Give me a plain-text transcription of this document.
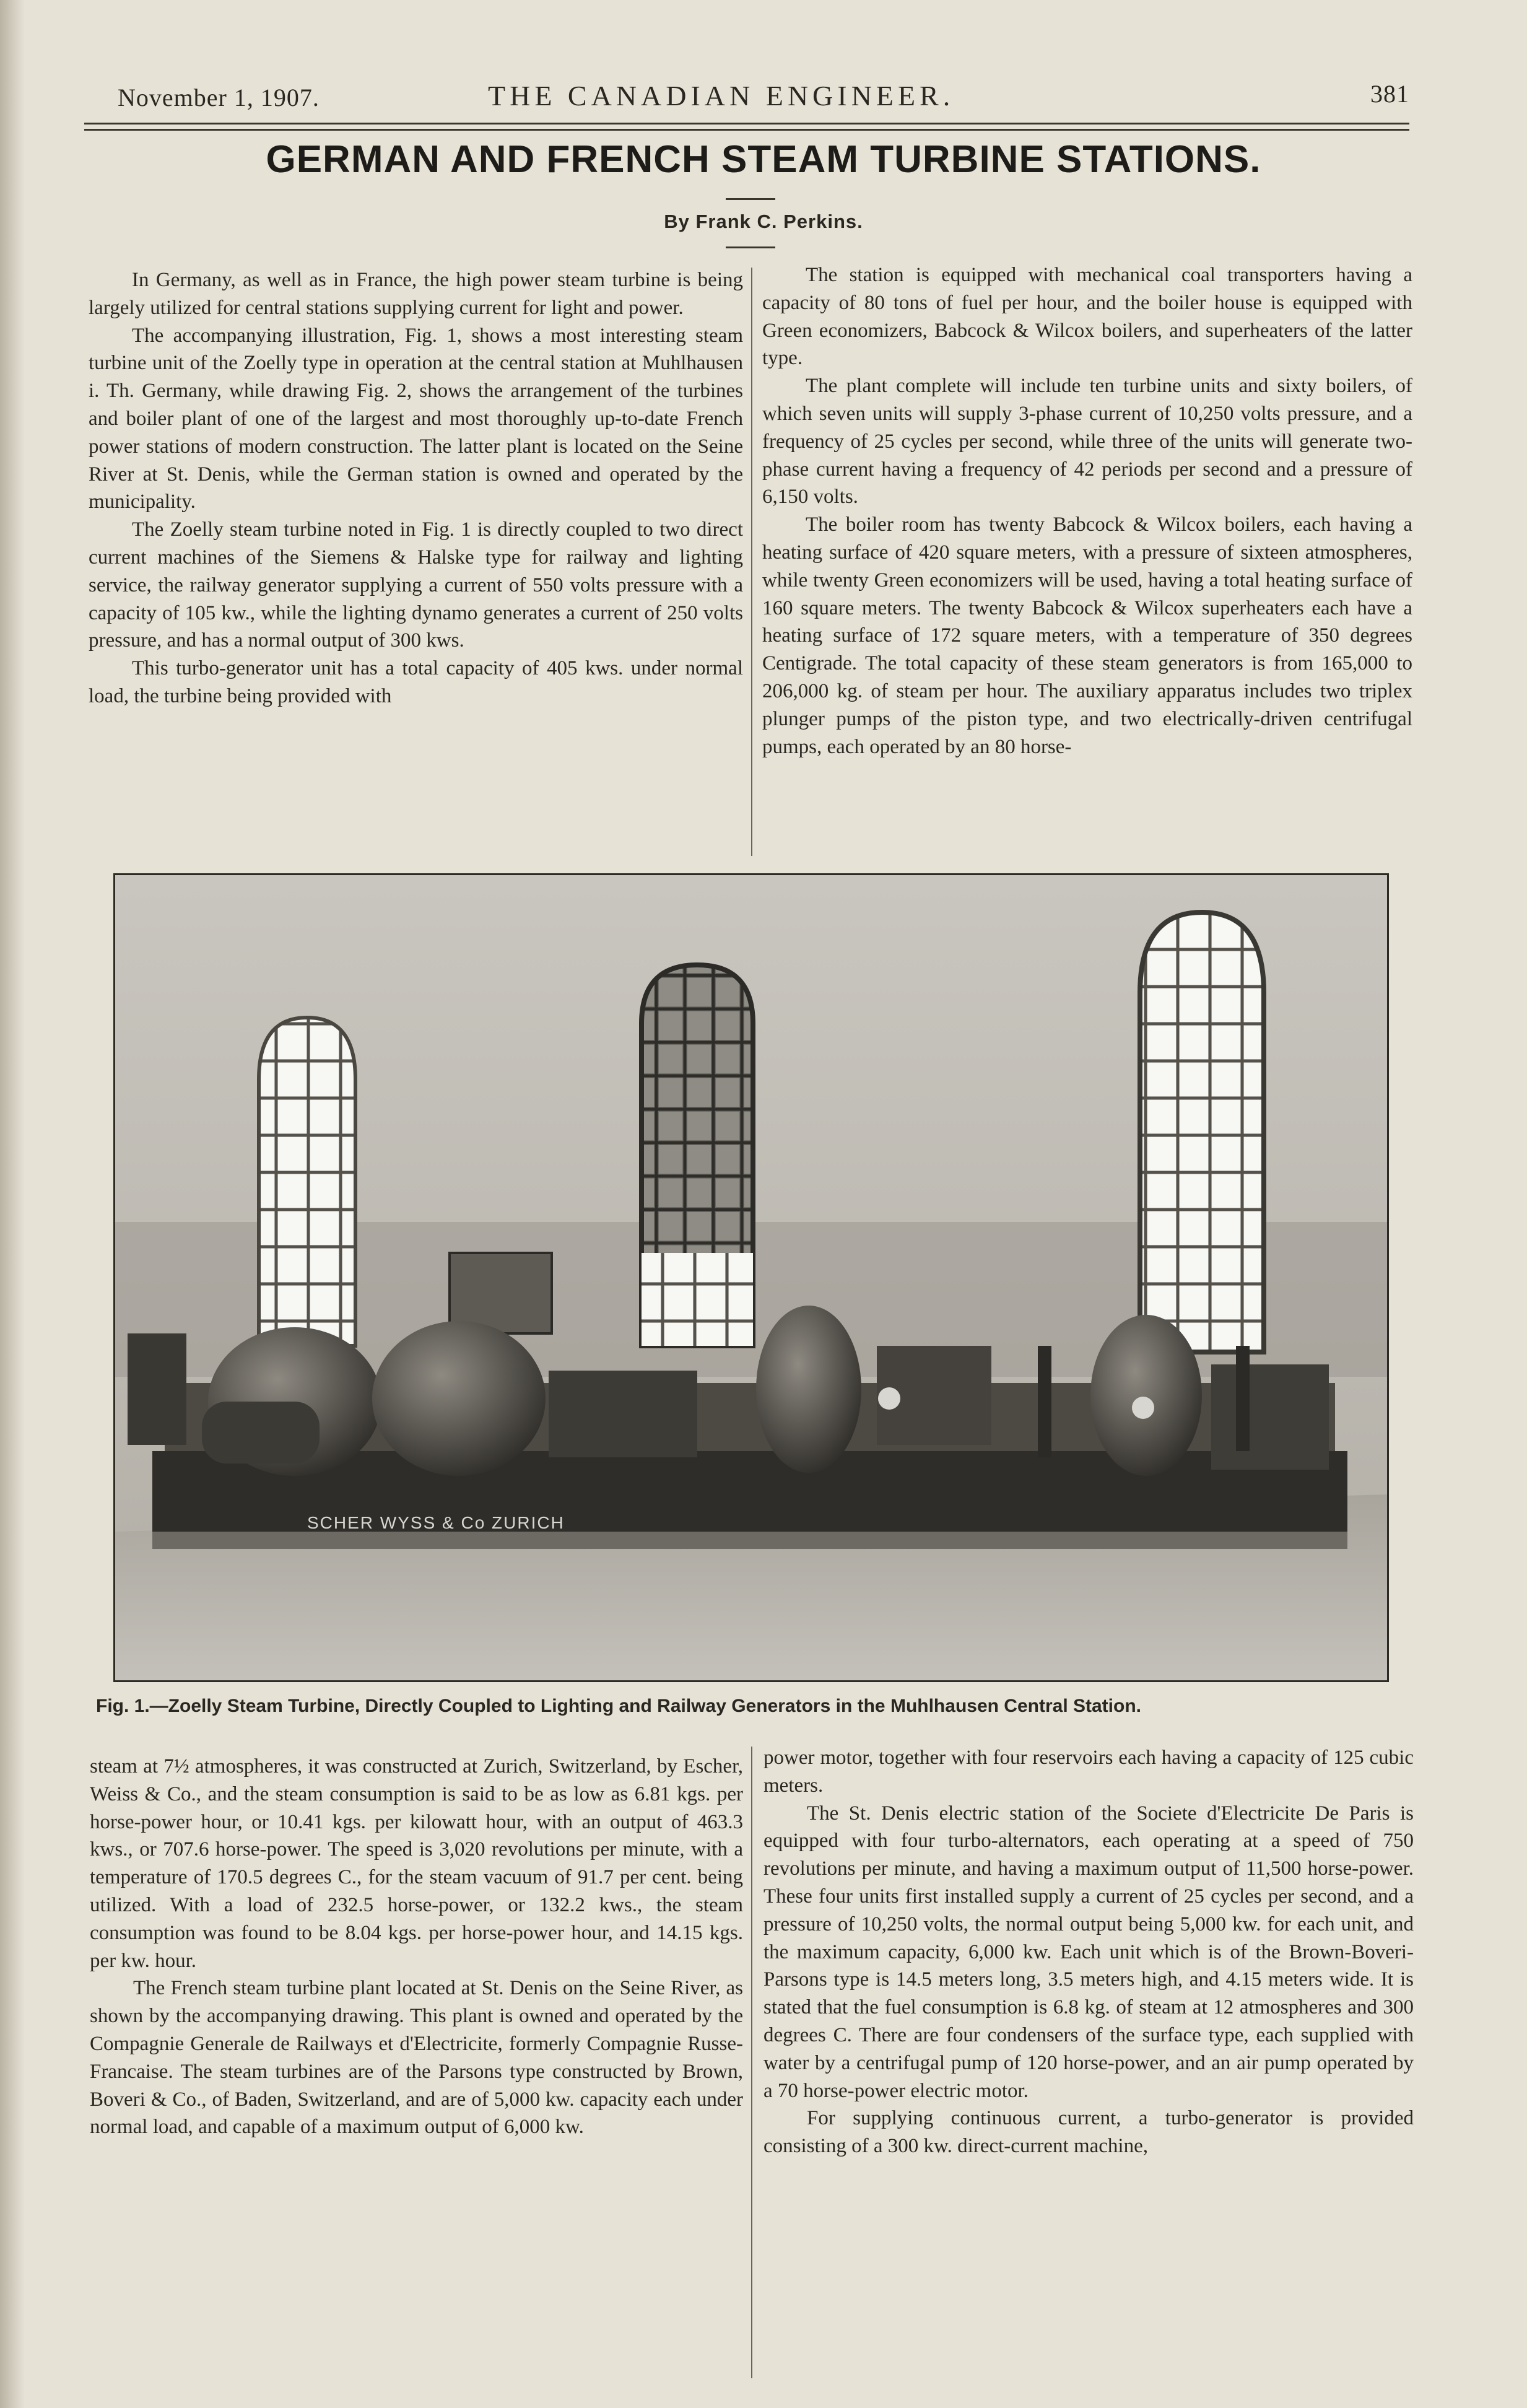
November 1, 1907.	THE CANADIAN ENGINEER.	381
GERMAN AND FRENCH STEAM TURBINE STATIONS.
By Frank C. Perkins.

In Germany, as well as in France, the high power steam turbine is being largely utilized for central stations supplying current for light and power.

The accompanying illustration, Fig. 1, shows a most interesting steam turbine unit of the Zoelly type in operation at the central station at Muhlhausen i. Th. Germany, while drawing Fig. 2, shows the arrangement of the turbines and boiler plant of one of the largest and most thoroughly up-to-date French power stations of modern construction. The latter plant is located on the Seine River at St. Denis, while the German station is owned and operated by the municipality.

The Zoelly steam turbine noted in Fig. 1 is directly coupled to two direct current machines of the Siemens & Halske type for railway and lighting service, the railway generator supplying a current of 550 volts pressure with a capacity of 105 kw., while the lighting dynamo generates a current of 250 volts pressure, and has a normal output of 300 kws.

This turbo-generator unit has a total capacity of 405 kws. under normal load, the turbine being provided with

The station is equipped with mechanical coal transporters having a capacity of 80 tons of fuel per hour, and the boiler house is equipped with Green economizers, Babcock & Wilcox boilers, and superheaters of the latter type.

The plant complete will include ten turbine units and sixty boilers, of which seven units will supply 3-phase current of 10,250 volts pressure, and a frequency of 25 cycles per second, while three of the units will generate two-phase current having a frequency of 42 periods per second and a pressure of 6,150 volts.

The boiler room has twenty Babcock & Wilcox boilers, each having a heating surface of 420 square meters, with a pressure of sixteen atmospheres, while twenty Green economizers will be used, having a total heating surface of 160 square meters. The twenty Babcock & Wilcox superheaters each have a heating surface of 172 square meters, with a temperature of 350 degrees Centigrade. The total capacity of these steam generators is from 165,000 to 206,000 kg. of steam per hour. The auxiliary apparatus includes two triplex plunger pumps of the piston type, and two electrically-driven centrifugal pumps, each operated by an 80 horse-

SCHER WYSS & Co ZURICH
Fig. 1.—Zoelly Steam Turbine, Directly Coupled to Lighting and Railway Generators in the Muhlhausen Central Station.

steam at 7½ atmospheres, it was constructed at Zurich, Switzerland, by Escher, Weiss & Co., and the steam consumption is said to be as low as 6.81 kgs. per horse-power hour, or 10.41 kgs. per kilowatt hour, with an output of 463.3 kws., or 707.6 horse-power. The speed is 3,020 revolutions per minute, with a temperature of 170.5 degrees C., for the steam vacuum of 91.7 per cent. being utilized. With a load of 232.5 horse-power, or 132.2 kws., the steam consumption was found to be 8.04 kgs. per horse-power hour, and 14.15 kgs. per kw. hour.

The French steam turbine plant located at St. Denis on the Seine River, as shown by the accompanying drawing. This plant is owned and operated by the Compagnie Generale de Railways et d'Electricite, formerly Compagnie Russe-Francaise. The steam turbines are of the Parsons type constructed by Brown, Boveri & Co., of Baden, Switzerland, and are of 5,000 kw. capacity each under normal load, and capable of a maximum output of 6,000 kw.

power motor, together with four reservoirs each having a capacity of 125 cubic meters.

The St. Denis electric station of the Societe d'Electricite De Paris is equipped with four turbo-alternators, each operating at a speed of 750 revolutions per minute, and having a maximum output of 11,500 horse-power. These four units first installed supply a current of 25 cycles per second, and a pressure of 10,250 volts, the normal output being 5,000 kw. for each unit, and the maximum capacity, 6,000 kw. Each unit which is of the Brown-Boveri-Parsons type is 14.5 meters long, 3.5 meters high, and 4.15 meters wide. It is stated that the fuel consumption is 6.8 kg. of steam at 12 atmospheres and 300 degrees C. There are four condensers of the surface type, each supplied with water by a centrifugal pump of 120 horse-power, and an air pump operated by a 70 horse-power electric motor.

For supplying continuous current, a turbo-generator is provided consisting of a 300 kw. direct-current machine,
